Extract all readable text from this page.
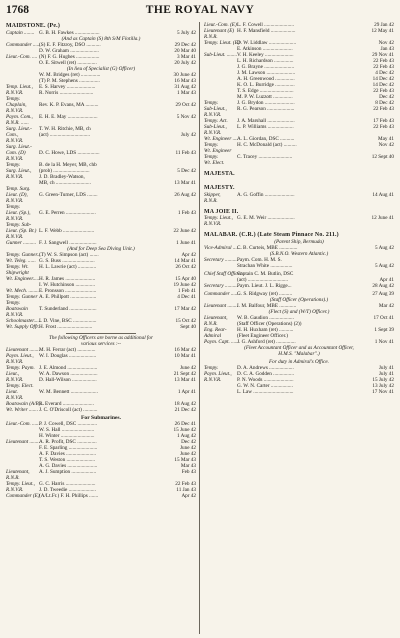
1768	THE ROYAL NAVY
MAIDSTONE. (Pe.)
Captain ........ G. B. H. Fawkes ...................	5 July 42
(And as Captain (S) 8th S/M Flotilla.)
Commander ......
(S) E. F. Fitzroy, DSO ...........	29 Dec 42
D. W. Graham ......................	20 Mar 40
Lieut.-Com. .... (N) F. G. Hughes ..................	3 Mar 41
O. E. Sitwell (ret) ...............	20 July 42
(In lieu of Specialist (G) Officer)
W. M. Bridges (ret) ...............	30 June 42
(T) P. M. Stephens ................	16 Mar 43
Temp. Lieut.,	E. S. Harvey ......................	31 Aug 42
R.N.V.R.	R. Norris ..........................	1 Mar 43
Tempy.
Chaplain,	Rev. K. P. Evans, MA ..........	29 Oct 42
R.N.V.R.
Paym. Com.,	E. H. E. May .......................	5 Nov 42
R.N.R. ......
Surg. Lieut.-	T. W. H. Ritchie, MB, ch
Com.,	(act) ...............................	July 42
R.N.V.R.
Surg. Lieut.-
Com. (D)	D. C. Howe, LDS .................	11 Feb 43
R.N.V.R.
Tempy.	B. de la H. Meyer, MB, chb
Surg. Lieut.,	(prob) ............................	5 Dec 42
R.N.V.R.	J. D. Bradley-Watson,
MB, ch ...........................	13 Mar 41
Temp. Surg.
Lieut. (D),	G. Green-Turner, LDS ........	26 Aug 42
R.N.V.R.
Tempy.
Lieut. (Sp.),	G. E. Perren .......................	1 Feb 43
R.N.V.R.
Tempy. Sub-
Lieut. (Sp. Br.) L. F. Webb ........................	22 June 42
R.N.V.R.
Gunner .......... F. J. Sangwell .....................	1 June 41
(And for Deep Sea Diving Unit.)
Tempy. Gunner...
(T) W. S. Simpson (act) .......	Apr 42
Wt. Teleg. ...... G. S. Buss .........................	14 Mar 41
Tempy. Wt.	H. L. Lawrie (act) ..............	26 Oct 42
Shipwright
Wt. Engineer......
H. R. James .......................	15 Apr 40
I. W. Hutchinson ...............	19 June 42
Wt. Mech. ........ E. Pronsson ........................	1 Feb 41
Tempy. Gunner A. E. Phillpott ....................	4 Dec 41
Tempy.
Boatswain	T. Sunderland .....................	17 Mar 42
R.N.V.R.
Schoolmaster......
I. D. Vine, BSC ..................	15 Oct 42
Wt. Supply Offr. H. Frost ...........................	Sept 40
The following Officers are borne as additional for
various services :--
Lieutenant ........ M. H. Ferrar (act) ..............	16 Mar 42
Paym. Lieut.,	W. I. Douglas .....................	10 Mar 41
R.N.V.R.
Tempy. Paym. J. E. Almond .......................	June 42
Lieut.,	W. A. Dawson .....................	21 Sept 42
R.N.V.R.	D. Hall-Wilson ...................	13 Mar 41
Tempy. Elect.
Lieut.	W. M. Bennett .....................	1 Apr 41
R.N.V.R.
Boatswain (A/B)...
R. Everard ........................	18 Aug 42
Wt. Writer ....... J. C. O'Driscoll (act) ...........	21 Dec 42
For Submarines.
Lieut.-Com. ...... P. J. Cowell, DSC ...............	26 Dec 41
W. S. Hall .........................	15 June 42
H. Winter ..........................	1 Aug 42
Lieutenant ........ A. R. Profit, DSC ...............	Dec 42
F. E. Sparling ......................	June 42
A. F. Davies .......................	June 42
T. S. Weston ......................	15 Mar 43
A. G. Davies .......................	Mar 43
Lieutenant,	A. J. Sumption ...................	Feb 43
R.N.R.
Tempy. Lieut., G. C. Harris .......................	22 Feb 43
R.N.V.R.	J. D. Tweedie .....................	11 Jan 43
Commander (E) (A/Lt.Fr.) F. H. Phillips .......	Apr 42
Lieut.-Com. (E) L. F. Cowell .......................	29 Jan 42
Lieutenant (E) H. F. Mansfield ...................	12 May 41
R.N.R.
Tempy. Lieut. (E)
D. W. Liddlaw .....................	Nov 42
E. Atkinson .......................	Jan 43
Sub-Lieut. ........ V. H. Keeley ......................	29 Nov 41
L. H. Richardson ...............	22 Feb 43
J. G. Brayne .......................	22 Feb 43
J. M. Lawson ......................	4 Dec 42
A. H. Greenwood ...............	14 Dec 42
K. O. L. Burridge ...............	14 Dec 42
T. S. Edge ..........................	22 Feb 43
M. P. W. Luzzott ...............	Dec 42
Tempy.	J. G. Brydon .......................	8 Dec 42
Sub-Lieut.,	R. G. Pearson .....................	22 Feb 43
R.N.V.R.
Tempy. Act.	J. A. Marshall .....................	17 Feb 43
Sub-Lieut.,	L. P. Williams ....................	22 Feb 43
R.N.V.R.
Wt. Engineer .... A. L. Giordan, DSC ...........	May 41
Tempy.	H. C. McDonald (act) ..........	Nov 42
Wt. Engineer
Tempy.	C. Tracey ..........................	12 Sept 40
Wt. Elect.
MAJESTA.
MAJESTY.
Skipper,	A. G. Goffin .......................	14 Aug 41
R.N.R.
MA JOIE II.
Tempy. Lieut., G. E. M. Weir .....................	12 June 41
R.N.V.R.
MALABAR. (C.R.) (Late Steam Pinnace No. 211.)
(Parent Ship, Bermuda)
Vice-Admiral ......
C. B. Curteis, MBE ..............	5 Aug 42
(S.B.N.O. Western Atlantic.)
Secretary .......... Paym. Com. H. M. S.
Strachan White .................	5 Aug 42
Chief Staff Officer
Captain C. M. Butlin, DSC
(act) ...............................	Apr 41
Secretary .......... Paym. Lieut. J. L. Rigge...	28 Aug 42
Commander .......
G. S. Ridgway (ret) ..........	27 Aug 39
(Staff Officer (Operations).)
Lieutenant ........ I. M. Balfour, MBE .............	Mar 42
(Flect (S) and (W/T) Officer.)
Lieutenant,	W. B. Gaudion ...................	17 Oct 41
R.N.R.	(Staff Officer (Operations) (2))
Eng. Rear-	H. H. Huxham (ret) ...........	1 Sept 39
Admiral	(Fleet Engineer Officer.)
Paym. Capt. ......
J. G. Ashford (ret) ...............	1 Nov 41
(Fleet Accountant Officer and as Accountant Officer,
H.M.S. "Malabar".)
For duty in Admiral's Office.
Tempy.	D. A. Andrews ...................	July 41
Paym. Lieut.,	D. C. A. Godden ................	July 41
R.N.V.R.	P. N. Woods .......................	15 July 42
G. W. N. Carter .................	13 July 42
L. Law ...............................	17 Nov 41
